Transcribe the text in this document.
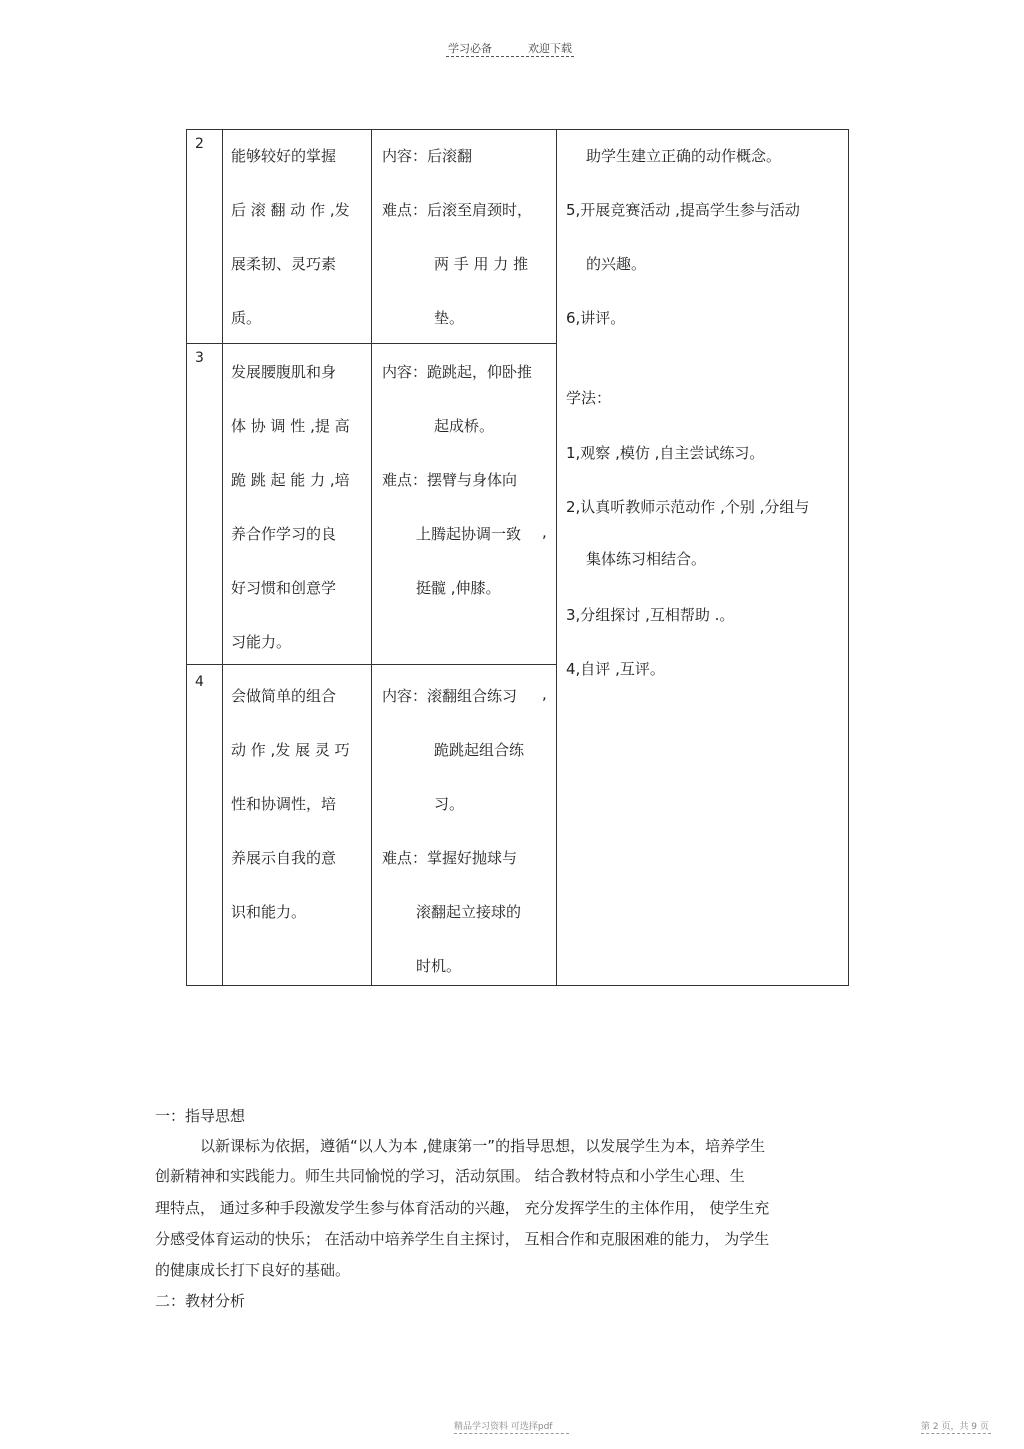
学习必备	欢迎下载
2
能够较好的掌握
后 滚 翻 动 作 ,发
展柔韧、灵巧素
质。
内容：后滚翻
难点：后滚至肩颈时，
两 手 用 力 推
垫。
3
发展腰腹肌和身
体 协 调 性 ,提 高
跪 跳 起 能 力 ,培
养合作学习的良
好习惯和创意学
习能力。
内容：跪跳起，仰卧推
起成桥。
难点：摆臂与身体向
上腾起协调一致 ,
挺髋 ,伸膝。
4
会做简单的组合
动 作 ,发 展 灵 巧
性和协调性，培
养展示自我的意
识和能力。
内容：滚翻组合练习 ,
跪跳起组合练
习。
难点：掌握好抛球与
滚翻起立接球的
时机。
助学生建立正确的动作概念。
5,开展竞赛活动 ,提高学生参与活动
的兴趣。
6,讲评。
学法：
1,观察 ,模仿 ,自主尝试练习。
2,认真听教师示范动作 ,个别 ,分组与
集体练习相结合。
3,分组探讨 ,互相帮助 .。
4,自评 ,互评。
一：指导思想
以新课标为依据，遵循“以人为本 ,健康第一”的指导思想，以发展学生为本，培养学生
创新精神和实践能力。师生共同愉悦的学习，活动氛围。 结合教材特点和小学生心理、生
理特点， 通过多种手段激发学生参与体育活动的兴趣， 充分发挥学生的主体作用， 使学生充
分感受体育运动的快乐； 在活动中培养学生自主探讨， 互相合作和克服困难的能力， 为学生
的健康成长打下良好的基础。
二：教材分析
精品学习资料 可选择pdf	第 2 页，共 9 页
